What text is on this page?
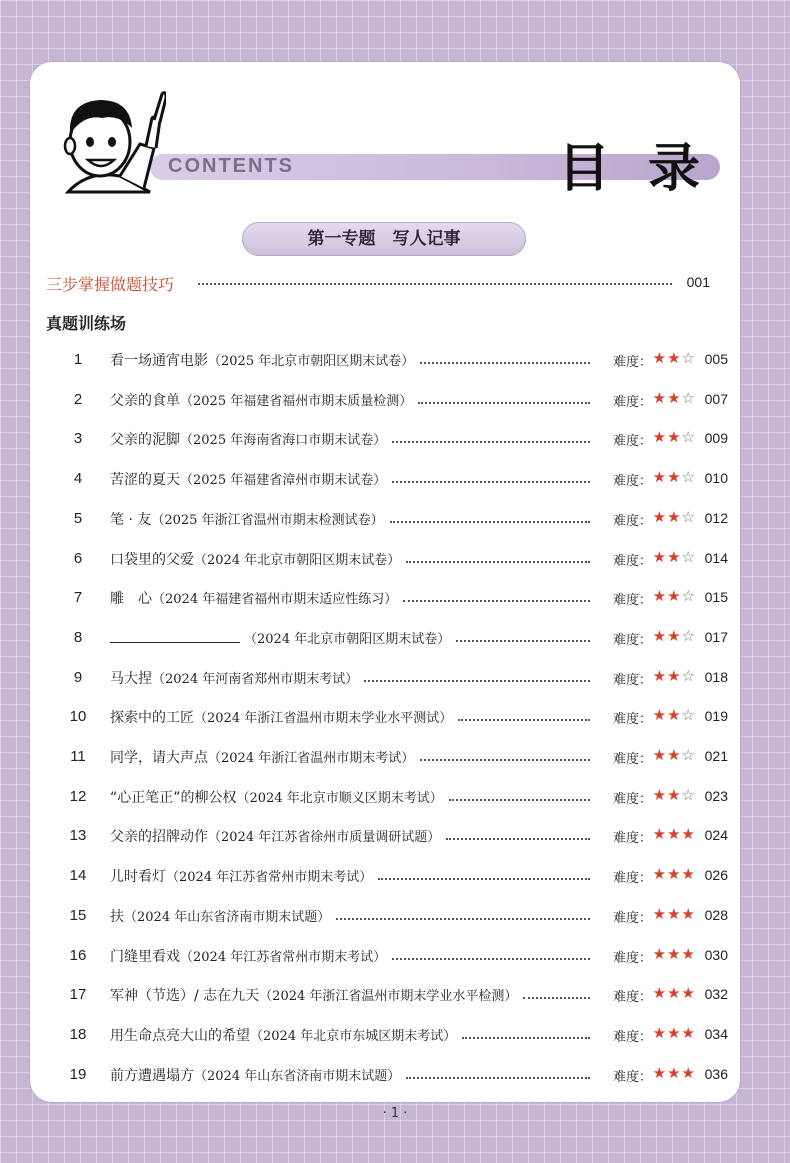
CONTENTS	目录
第一专题　写人记事
三步掌握做题技巧	001
真题训练场
1	看一场通宵电影（2025 年北京市朝阳区期末试卷）	难度： ★★☆ 005
2	父亲的食单（2025 年福建省福州市期末质量检测）	难度： ★★☆ 007
3	父亲的泥脚（2025 年海南省海口市期末试卷）	难度： ★★☆ 009
4	苦涩的夏天（2025 年福建省漳州市期末试卷）	难度： ★★☆ 010
5	笔 · 友（2025 年浙江省温州市期末检测试卷）	难度： ★★☆ 012
6	口袋里的父爱（2024 年北京市朝阳区期末试卷）	难度： ★★☆ 014
7	雕　心（2024 年福建省福州市期末适应性练习）	难度： ★★☆ 015
8	（2024 年北京市朝阳区期末试卷）	难度： ★★☆ 017
9	马大捏（2024 年河南省郑州市期末考试）	难度： ★★☆ 018
10	探索中的工匠（2024 年浙江省温州市期末学业水平测试）	难度： ★★☆ 019
11	同学，请大声点（2024 年浙江省温州市期末考试）	难度： ★★☆ 021
12	“心正笔正”的柳公权（2024 年北京市顺义区期末考试）	难度： ★★☆ 023
13	父亲的招牌动作（2024 年江苏省徐州市质量调研试题）	难度： ★★★ 024
14	儿时看灯（2024 年江苏省常州市期末考试）	难度： ★★★ 026
15	扶（2024 年山东省济南市期末试题）	难度： ★★★ 028
16	门缝里看戏（2024 年江苏省常州市期末考试）	难度： ★★★ 030
17	军神（节选）/ 志在九天（2024 年浙江省温州市期末学业水平检测）	难度： ★★★ 032
18	用生命点亮大山的希望（2024 年北京市东城区期末考试）	难度： ★★★ 034
19	前方遭遇塌方（2024 年山东省济南市期末试题）	难度： ★★★ 036
· 1 ·
